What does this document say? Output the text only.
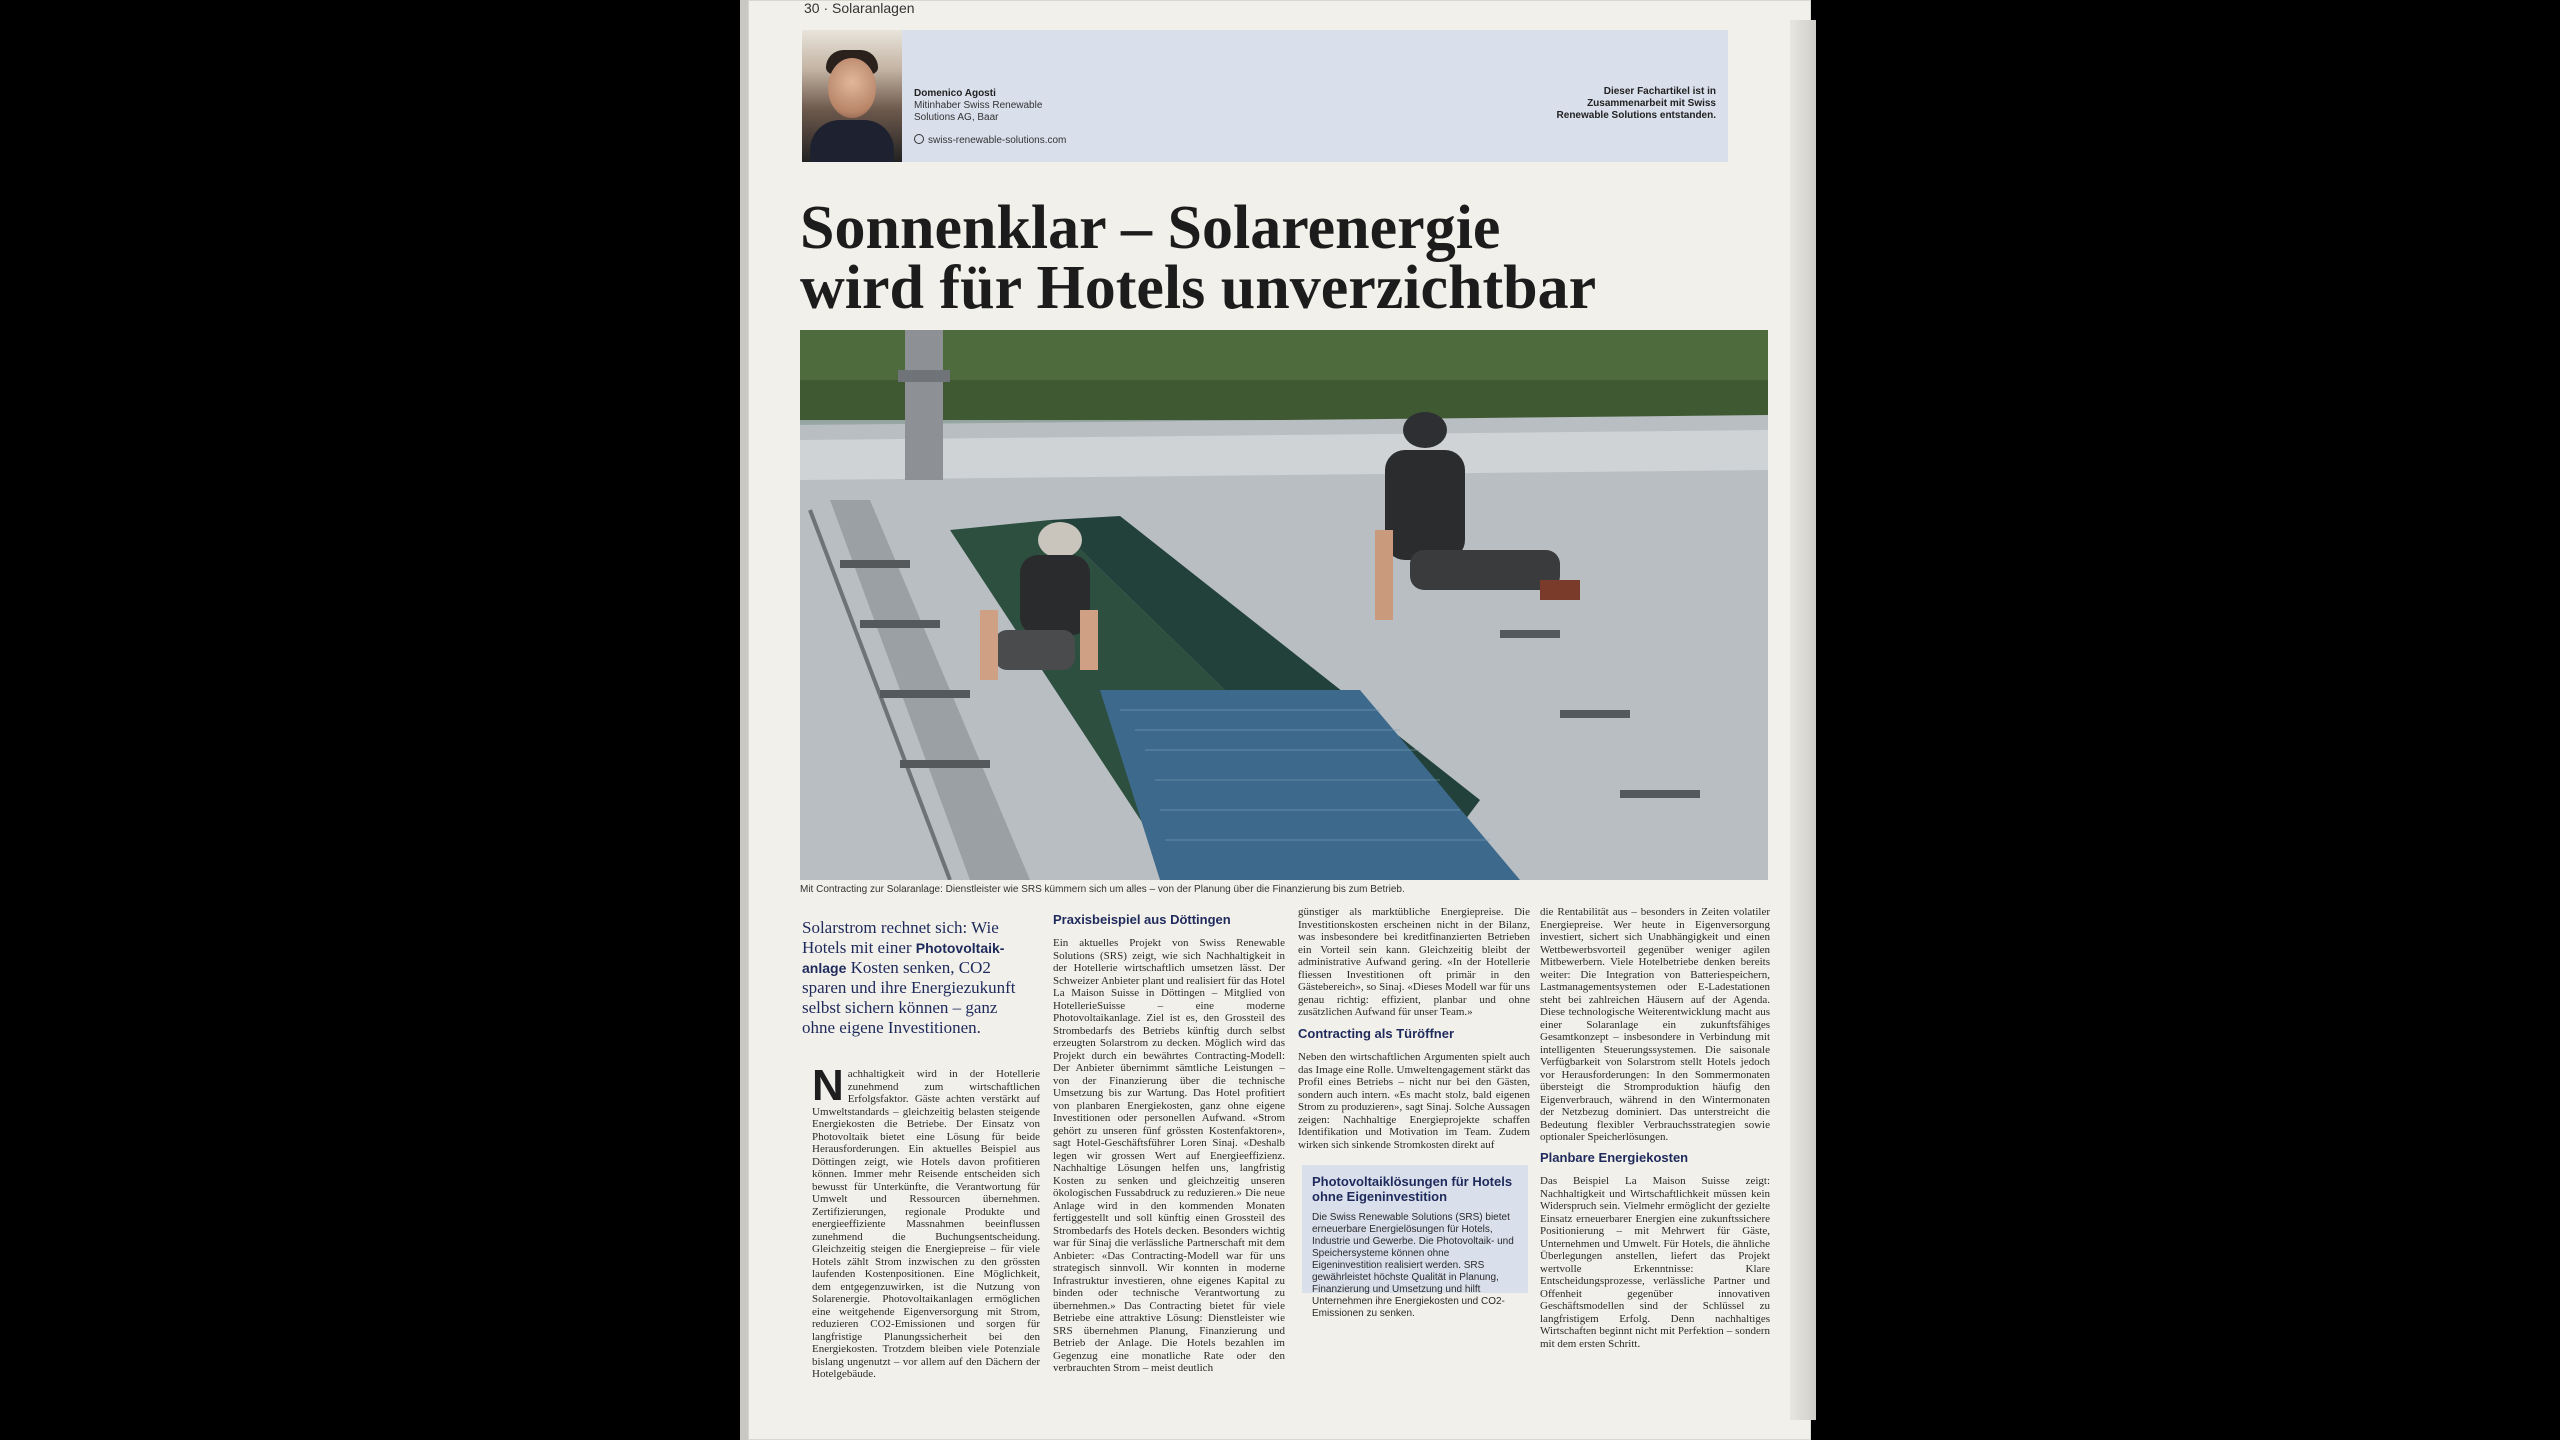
30 · Solaranlagen
Domenico Agosti
Mitinhaber Swiss Renewable Solutions AG, Baar
swiss-renewable-solutions.com
Dieser Fachartikel ist in Zusammenarbeit mit Swiss Renewable Solutions entstanden.
Sonnenklar – Solarenergie
wird für Hotels unverzichtbar
Mit Contracting zur Solaranlage: Dienstleister wie SRS kümmern sich um alles – von der Planung über die Finanzierung bis zum Betrieb.
Solarstrom rechnet sich: Wie Hotels mit einer Photovoltaik-anlage Kosten senken, CO2 sparen und ihre Energiezukunft selbst sichern können – ganz ohne eigene Investitionen.
Nachhaltigkeit wird in der Hotellerie zunehmend zum wirtschaftlichen Erfolgsfaktor. Gäste achten verstärkt auf Umweltstandards – gleichzeitig belasten steigende Energiekosten die Betriebe. Der Einsatz von Photovoltaik bietet eine Lösung für beide Herausforderungen. Ein aktuelles Beispiel aus Döttingen zeigt, wie Hotels davon profitieren können. Immer mehr Reisende entscheiden sich bewusst für Unterkünfte, die Verantwortung für Umwelt und Ressourcen übernehmen. Zertifizierungen, regionale Produkte und energieeffiziente Massnahmen beeinflussen zunehmend die Buchungsentscheidung. Gleichzeitig steigen die Energiepreise – für viele Hotels zählt Strom inzwischen zu den grössten laufenden Kostenpositionen. Eine Möglichkeit, dem entgegenzuwirken, ist die Nutzung von Solarenergie. Photovoltaikanlagen ermöglichen eine weitgehende Eigenversorgung mit Strom, reduzieren CO2-Emissionen und sorgen für langfristige Planungssicherheit bei den Energiekosten. Trotzdem bleiben viele Potenziale bislang ungenutzt – vor allem auf den Dächern der Hotelgebäude.
Praxisbeispiel aus Döttingen
Ein aktuelles Projekt von Swiss Renewable Solutions (SRS) zeigt, wie sich Nachhaltigkeit in der Hotellerie wirtschaftlich umsetzen lässt. Der Schweizer Anbieter plant und realisiert für das Hotel La Maison Suisse in Döttingen – Mitglied von HotellerieSuisse – eine moderne Photovoltaikanlage. Ziel ist es, den Grossteil des Strombedarfs des Betriebs künftig durch selbst erzeugten Solarstrom zu decken. Möglich wird das Projekt durch ein bewährtes Contracting-Modell: Der Anbieter übernimmt sämtliche Leistungen – von der Finanzierung über die technische Umsetzung bis zur Wartung. Das Hotel profitiert von planbaren Energiekosten, ganz ohne eigene Investitionen oder personellen Aufwand. «Strom gehört zu unseren fünf grössten Kostenfaktoren», sagt Hotel-Geschäftsführer Loren Sinaj. «Deshalb legen wir grossen Wert auf Energieeffizienz. Nachhaltige Lösungen helfen uns, langfristig Kosten zu senken und gleichzeitig unseren ökologischen Fussabdruck zu reduzieren.» Die neue Anlage wird in den kommenden Monaten fertiggestellt und soll künftig einen Grossteil des Strombedarfs des Hotels decken. Besonders wichtig war für Sinaj die verlässliche Partnerschaft mit dem Anbieter: «Das Contracting-Modell war für uns strategisch sinnvoll. Wir konnten in moderne Infrastruktur investieren, ohne eigenes Kapital zu binden oder technische Verantwortung zu übernehmen.» Das Contracting bietet für viele Betriebe eine attraktive Lösung: Dienstleister wie SRS übernehmen Planung, Finanzierung und Betrieb der Anlage. Die Hotels bezahlen im Gegenzug eine monatliche Rate oder den verbrauchten Strom – meist deutlich
günstiger als marktübliche Energiepreise. Die Investitionskosten erscheinen nicht in der Bilanz, was insbesondere bei kreditfinanzierten Betrieben ein Vorteil sein kann. Gleichzeitig bleibt der administrative Aufwand gering. «In der Hotellerie fliessen Investitionen oft primär in den Gästebereich», so Sinaj. «Dieses Modell war für uns genau richtig: effizient, planbar und ohne zusätzlichen Aufwand für unser Team.»
Contracting als Türöffner
Neben den wirtschaftlichen Argumenten spielt auch das Image eine Rolle. Umweltengagement stärkt das Profil eines Betriebs – nicht nur bei den Gästen, sondern auch intern. «Es macht stolz, bald eigenen Strom zu produzieren», sagt Sinaj. Solche Aussagen zeigen: Nachhaltige Energieprojekte schaffen Identifikation und Motivation im Team. Zudem wirken sich sinkende Stromkosten direkt auf
Photovoltaiklösungen für Hotels ohne Eigeninvestition
Die Swiss Renewable Solutions (SRS) bietet erneuerbare Energielösungen für Hotels, Industrie und Gewerbe. Die Photovoltaik- und Speichersysteme können ohne Eigeninvestition realisiert werden. SRS gewährleistet höchste Qualität in Planung, Finanzierung und Umsetzung und hilft Unternehmen ihre Energiekosten und CO2-Emissionen zu senken.
die Rentabilität aus – besonders in Zeiten volatiler Energiepreise. Wer heute in Eigenversorgung investiert, sichert sich Unabhängigkeit und einen Wettbewerbsvorteil gegenüber weniger agilen Mitbewerbern. Viele Hotelbetriebe denken bereits weiter: Die Integration von Batteriespeichern, Lastmanagementsystemen oder E-Ladestationen steht bei zahlreichen Häusern auf der Agenda. Diese technologische Weiterentwicklung macht aus einer Solaranlage ein zukunftsfähiges Gesamtkonzept – insbesondere in Verbindung mit intelligenten Steuerungssystemen. Die saisonale Verfügbarkeit von Solarstrom stellt Hotels jedoch vor Herausforderungen: In den Sommermonaten übersteigt die Stromproduktion häufig den Eigenverbrauch, während in den Wintermonaten der Netzbezug dominiert. Das unterstreicht die Bedeutung flexibler Verbrauchsstrategien sowie optionaler Speicherlösungen.
Planbare Energiekosten
Das Beispiel La Maison Suisse zeigt: Nachhaltigkeit und Wirtschaftlichkeit müssen kein Widerspruch sein. Vielmehr ermöglicht der gezielte Einsatz erneuerbarer Energien eine zukunftssichere Positionierung – mit Mehrwert für Gäste, Unternehmen und Umwelt. Für Hotels, die ähnliche Überlegungen anstellen, liefert das Projekt wertvolle Erkenntnisse: Klare Entscheidungsprozesse, verlässliche Partner und Offenheit gegenüber innovativen Geschäftsmodellen sind der Schlüssel zu langfristigem Erfolg. Denn nachhaltiges Wirtschaften beginnt nicht mit Perfektion – sondern mit dem ersten Schritt.
